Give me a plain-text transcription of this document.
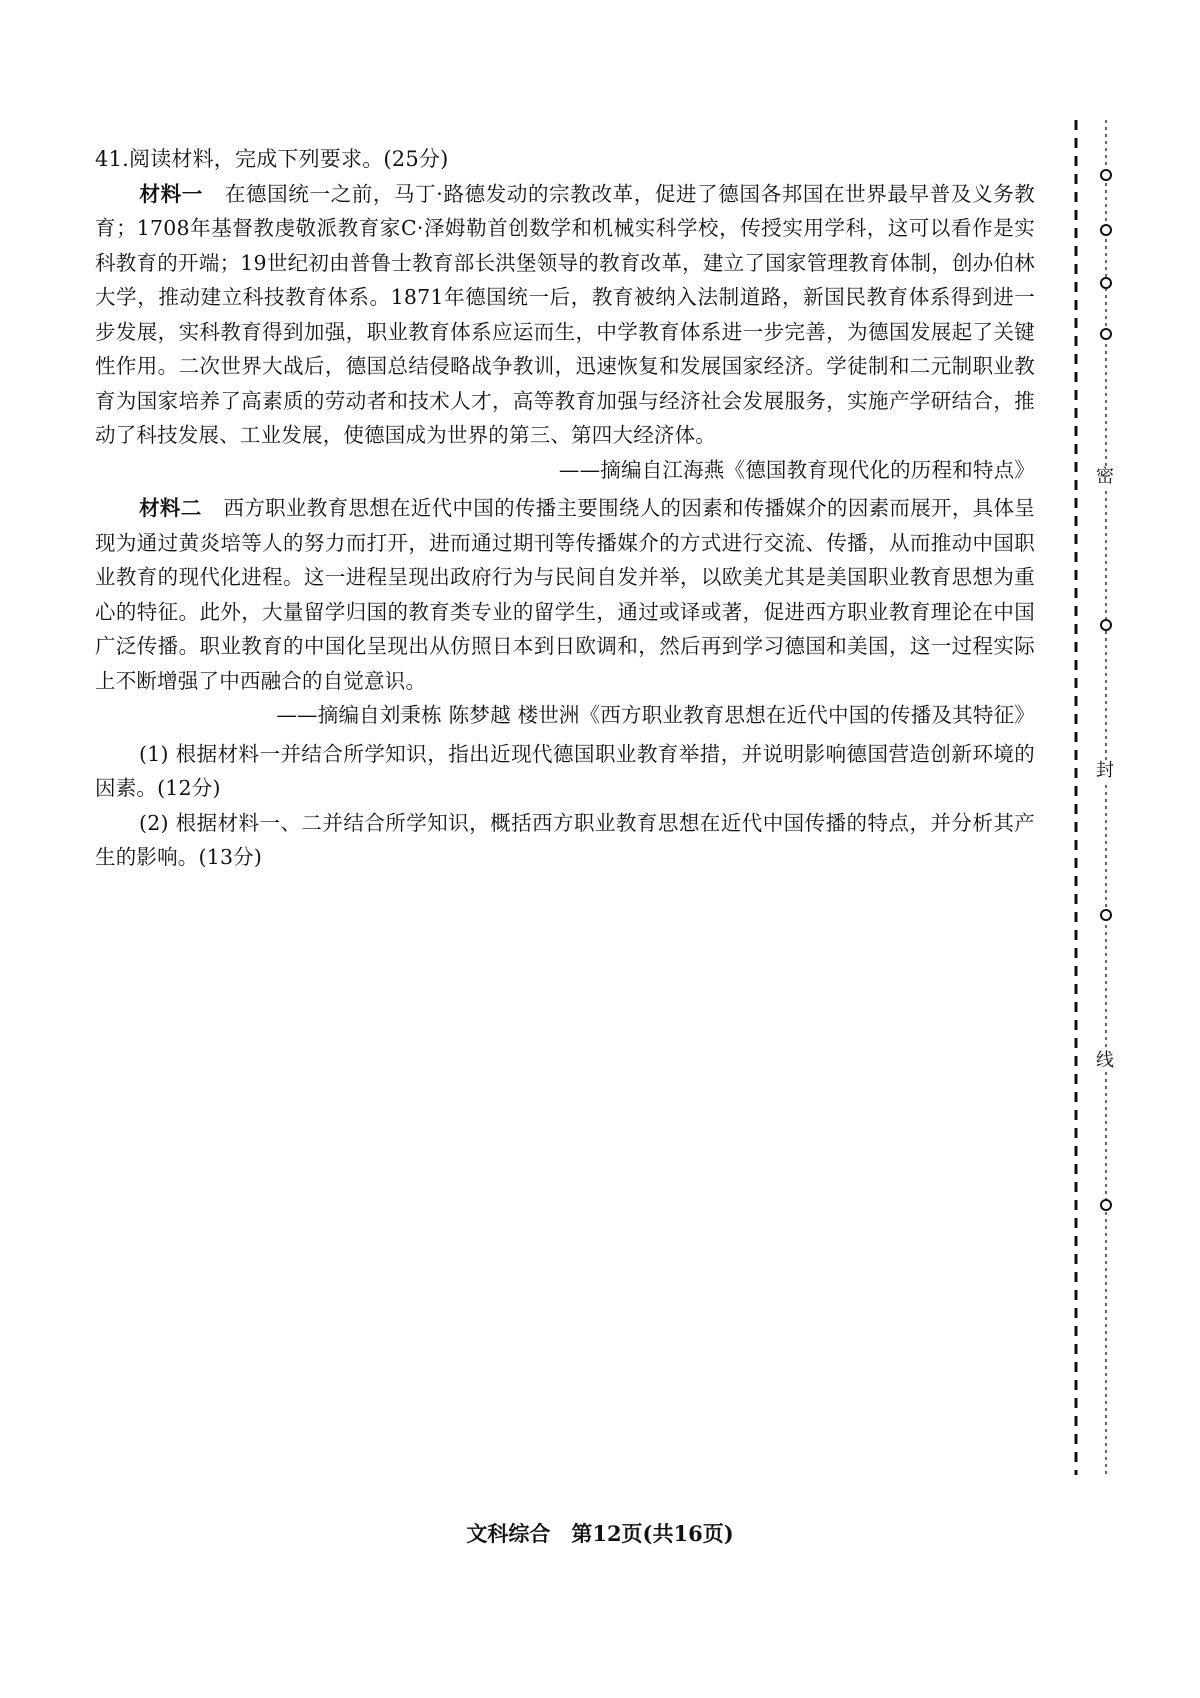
41.阅读材料，完成下列要求。(25分)

材料一 在德国统一之前，马丁·路德发动的宗教改革，促进了德国各邦国在世界最早普及义务教育；1708年基督教虔敬派教育家C·泽姆勒首创数学和机械实科学校，传授实用学科，这可以看作是实科教育的开端；19世纪初由普鲁士教育部长洪堡领导的教育改革，建立了国家管理教育体制，创办伯林大学，推动建立科技教育体系。1871年德国统一后，教育被纳入法制道路，新国民教育体系得到进一步发展，实科教育得到加强，职业教育体系应运而生，中学教育体系进一步完善，为德国发展起了关键性作用。二次世界大战后，德国总结侵略战争教训，迅速恢复和发展国家经济。学徒制和二元制职业教育为国家培养了高素质的劳动者和技术人才，高等教育加强与经济社会发展服务，实施产学研结合，推动了科技发展、工业发展，使德国成为世界的第三、第四大经济体。

——摘编自江海燕《德国教育现代化的历程和特点》

材料二 西方职业教育思想在近代中国的传播主要围绕人的因素和传播媒介的因素而展开，具体呈现为通过黄炎培等人的努力而打开，进而通过期刊等传播媒介的方式进行交流、传播，从而推动中国职业教育的现代化进程。这一进程呈现出政府行为与民间自发并举，以欧美尤其是美国职业教育思想为重心的特征。此外，大量留学归国的教育类专业的留学生，通过或译或著，促进西方职业教育理论在中国广泛传播。职业教育的中国化呈现出从仿照日本到日欧调和，然后再到学习德国和美国，这一过程实际上不断增强了中西融合的自觉意识。

——摘编自刘秉栋 陈梦越 楼世洲《西方职业教育思想在近代中国的传播及其特征》

(1) 根据材料一并结合所学知识，指出近现代德国职业教育举措，并说明影响德国营造创新环境的因素。(12分)

(2) 根据材料一、二并结合所学知识，概括西方职业教育思想在近代中国传播的特点，并分析其产生的影响。(13分)

密
封
线
文科综合　第12页(共16页)
